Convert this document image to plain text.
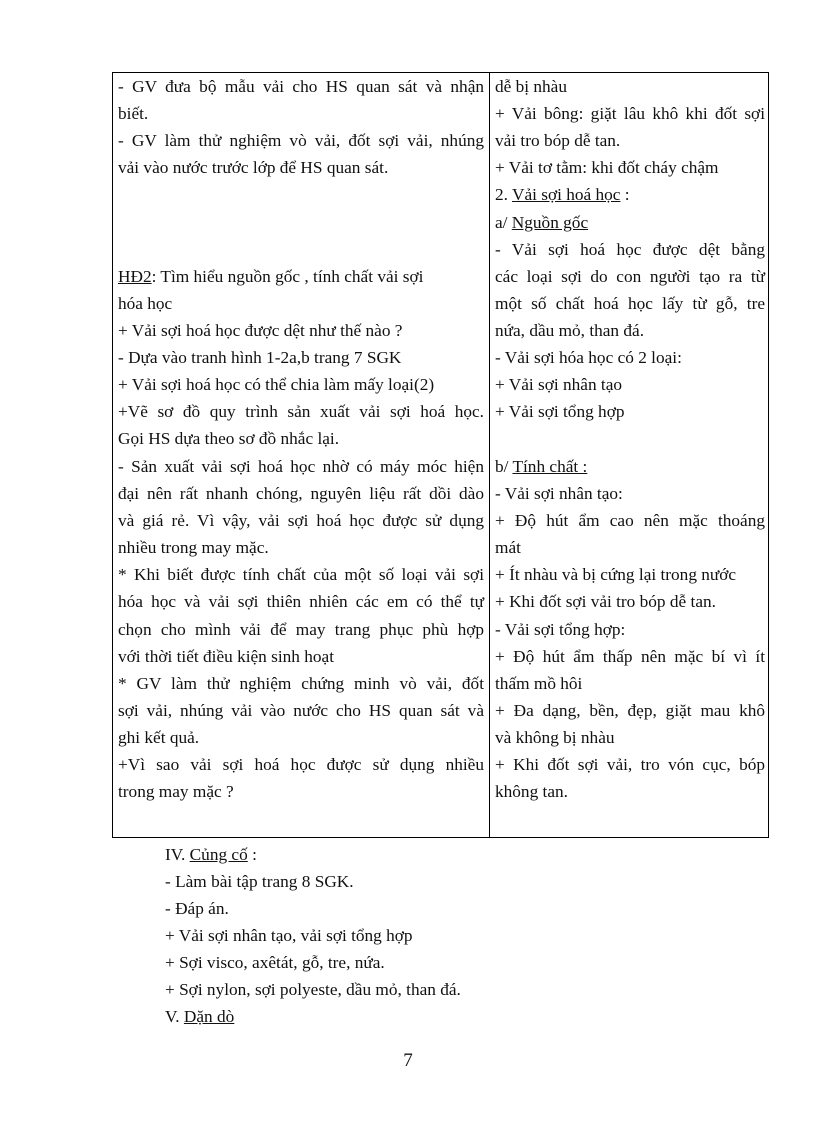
- GV đưa bộ mẫu vải cho HS quan sát và nhận
biết.
- GV làm thử nghiệm vò vải, đốt sợi vải, nhúng
vải vào nước trước lớp để HS quan sát.
HĐ2: Tìm hiểu nguồn gốc , tính chất vải sợi
hóa học
+ Vải sợi hoá học được dệt như thế nào ?
- Dựa vào tranh hình 1-2a,b trang 7 SGK
+ Vải sợi hoá học có thể chia làm mấy loại(2)
+Vẽ sơ đồ quy trình sản xuất vải sợi hoá học.
Gọi HS dựa theo sơ đồ nhắc lại.
- Sản xuất vải sợi hoá học nhờ có máy móc hiện
đại nên rất nhanh chóng, nguyên liệu rất dồi dào
và giá rẻ. Vì vậy, vải sợi hoá học được sử dụng
nhiều trong may mặc.
* Khi biết được tính chất của một số loại vải sợi
hóa học và vải sợi thiên nhiên các em có thể tự
chọn cho mình vải để may trang phục phù hợp
với thời tiết điều kiện sinh hoạt
* GV làm thử nghiệm chứng minh vò vải, đốt
sợi vải, nhúng vải vào nước cho HS quan sát và
ghi kết quả.
+Vì sao vải sợi hoá học được sử dụng nhiều
trong may mặc ?
dễ bị nhàu
+ Vải bông: giặt lâu khô khi đốt sợi
vải tro bóp dễ tan.
+ Vải tơ tằm: khi đốt cháy chậm
2. Vải sợi hoá học :
a/ Nguồn gốc
- Vải sợi hoá học được dệt bằng
các loại sợi do con người tạo ra từ
một số chất hoá học lấy từ gỗ, tre
nứa, dầu mỏ, than đá.
- Vải sợi hóa học có 2 loại:
+ Vải sợi nhân tạo
+ Vải sợi tổng hợp
b/ Tính chất :
- Vải sợi nhân tạo:
+ Độ hút ẩm cao nên mặc thoáng
mát
+ Ít nhàu và bị cứng lại trong nước
+ Khi đốt sợi vải tro bóp dễ tan.
- Vải sợi tổng hợp:
+ Độ hút ẩm thấp nên mặc bí vì ít
thấm mồ hôi
+ Đa dạng, bền, đẹp, giặt mau khô
và không bị nhàu
+ Khi đốt sợi vải, tro vón cục, bóp
không tan.
IV. Củng cố :
- Làm bài tập trang 8 SGK.
- Đáp án.
+ Vải sợi nhân tạo, vải sợi tổng hợp
+ Sợi visco, axêtát, gỗ, tre, nứa.
+ Sợi nylon, sợi polyeste, dầu mỏ, than đá.
V. Dặn dò
7
